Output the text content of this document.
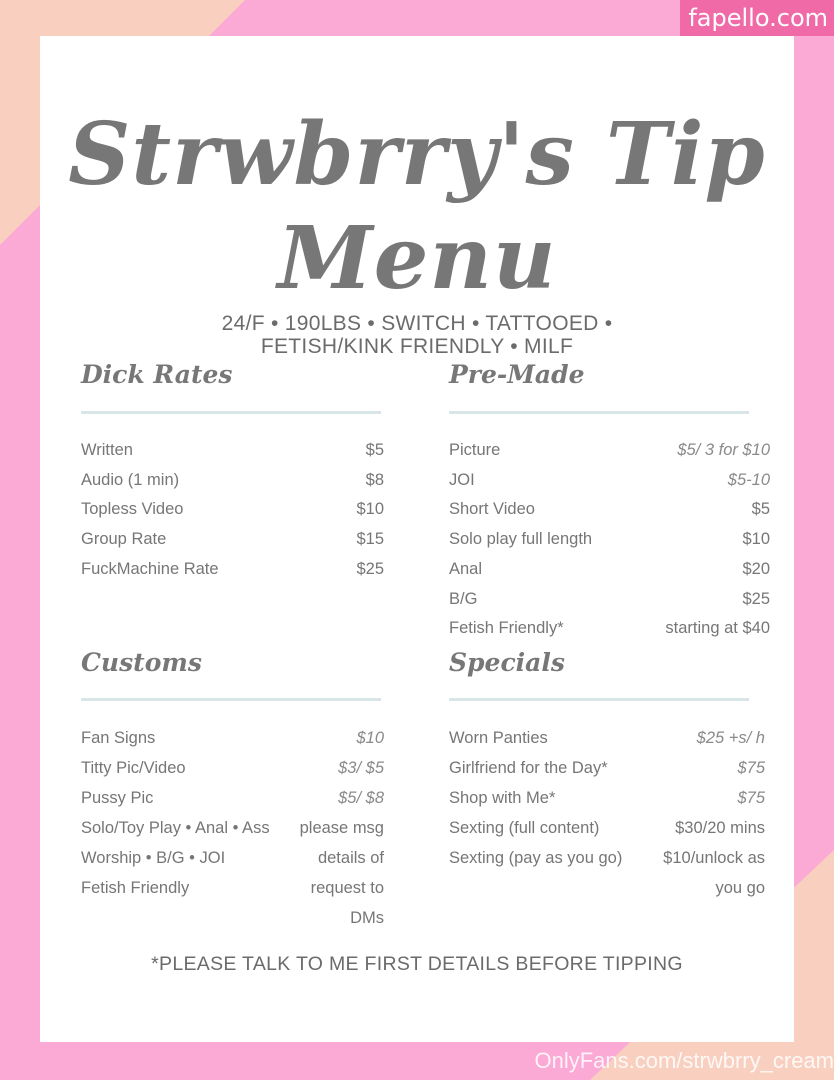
fapello.com
OnlyFans.com/strwbrry_cream
Strwbrry's Tip
Menu
24/F • 190LBS • SWITCH • TATTOOED •
FETISH/KINK FRIENDLY • MILF
Dick Rates
Written	$5
Audio (1 min)	$8
Topless Video	$10
Group Rate	$15
FuckMachine Rate	$25
Pre-Made
Picture	$5/ 3 for $10
JOI	$5-10
Short Video	$5
Solo play full length	$10
Anal	$20
B/G	$25
Fetish Friendly*	starting at $40
Customs
Fan Signs	$10
Titty Pic/Video	$3/ $5
Pussy Pic	$5/ $8
Solo/Toy Play • Anal • Ass please msg
Worship • B/G • JOI	details of
Fetish Friendly	request to
DMs
Specials
Worn Panties	$25 +s/ h
Girlfriend for the Day*	$75
Shop with Me*	$75
Sexting (full content)	$30/20 mins
Sexting (pay as you go) $10/unlock as
you go
*PLEASE TALK TO ME FIRST DETAILS BEFORE TIPPING
